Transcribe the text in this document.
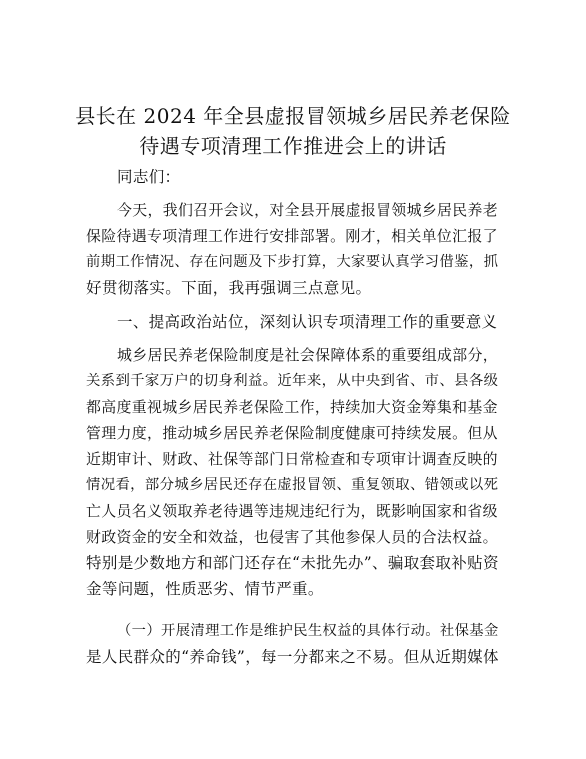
县长在 2024 年全县虚报冒领城乡居民养老保险
待遇专项清理工作推进会上的讲话
同志们：
今天，我们召开会议，对全县开展虚报冒领城乡居民养老
保险待遇专项清理工作进行安排部署。刚才，相关单位汇报了
前期工作情况、存在问题及下步打算，大家要认真学习借鉴，抓
好贯彻落实。下面，我再强调三点意见。
一、提高政治站位，深刻认识专项清理工作的重要意义
城乡居民养老保险制度是社会保障体系的重要组成部分，
关系到千家万户的切身利益。近年来，从中央到省、市、县各级
都高度重视城乡居民养老保险工作，持续加大资金筹集和基金
管理力度，推动城乡居民养老保险制度健康可持续发展。但从
近期审计、财政、社保等部门日常检查和专项审计调查反映的
情况看，部分城乡居民还存在虚报冒领、重复领取、错领或以死
亡人员名义领取养老待遇等违规违纪行为，既影响国家和省级
财政资金的安全和效益，也侵害了其他参保人员的合法权益。
特别是少数地方和部门还存在“未批先办”、骗取套取补贴资
金等问题，性质恶劣、情节严重。
（一）开展清理工作是维护民生权益的具体行动。社保基金
是人民群众的“养命钱”，每一分都来之不易。但从近期媒体
